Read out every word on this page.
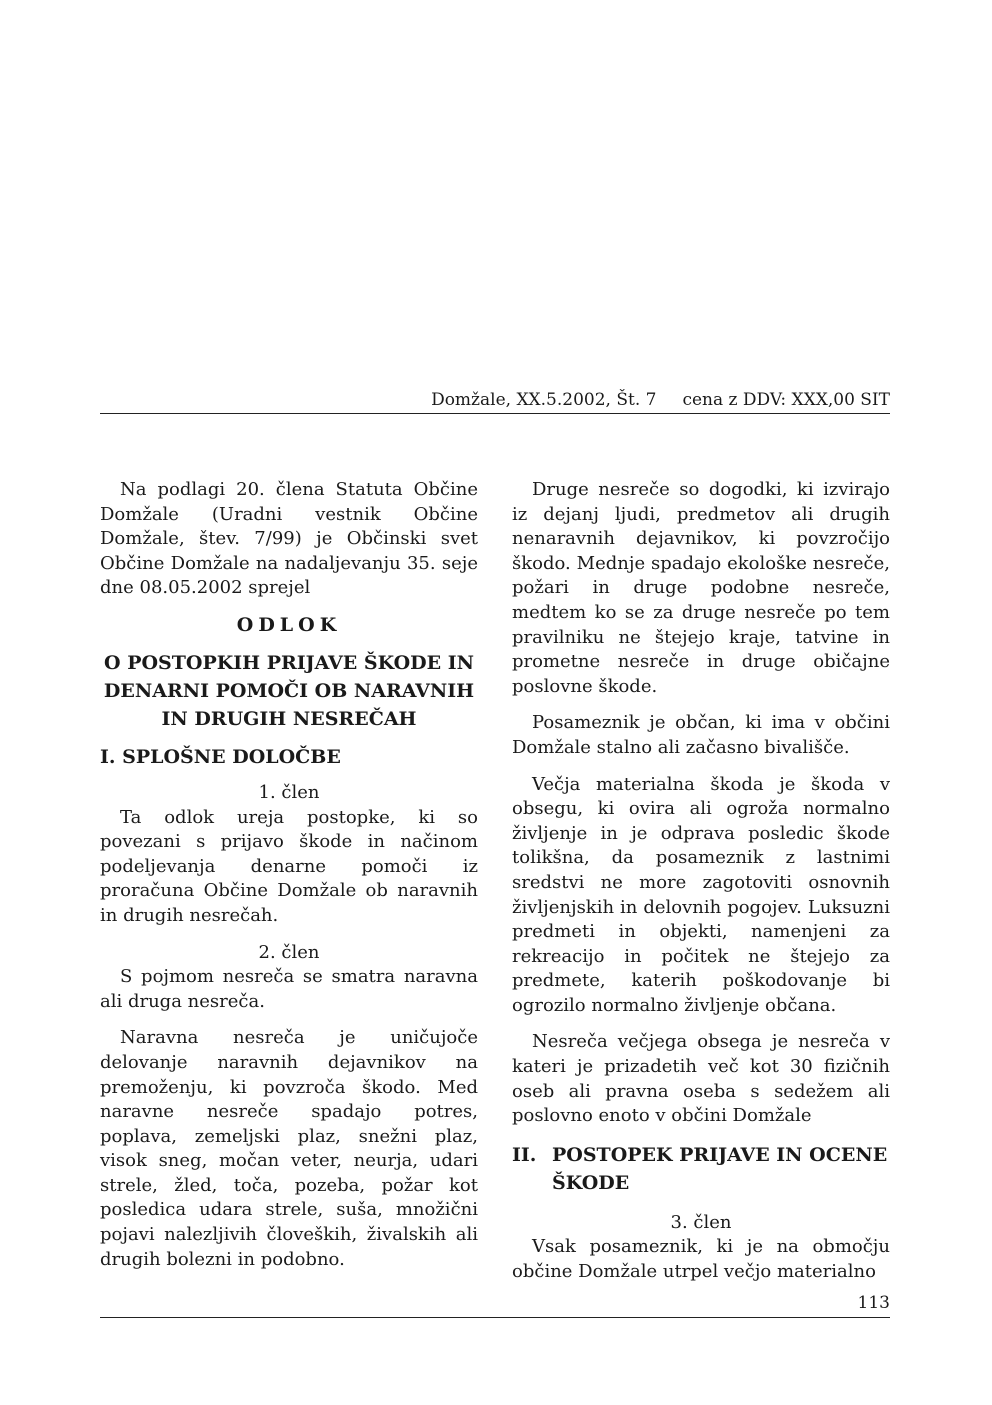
Domžale, XX.5.2002, Št. 7 cena z DDV: XXX,00 SIT

Na podlagi 20. člena Statuta Občine Domžale (Uradni vestnik Občine Domžale, štev. 7/99) je Občinski svet Občine Domžale na nadaljevanju 35. seje dne 08.05.2002 sprejel

ODLOK
O POSTOPKIH PRIJAVE ŠKODE IN DENARNI POMOČI OB NARAVNIH IN DRUGIH NESREČAH
I. SPLOŠNE DOLOČBE
1. člen

Ta odlok ureja postopke, ki so povezani s prijavo škode in načinom podeljevanja denarne pomoči iz proračuna Občine Domžale ob naravnih in drugih nesrečah.

2. člen

S pojmom nesreča se smatra naravna ali druga nesreča.

Naravna nesreča je uničujoče delovanje naravnih dejavnikov na premoženju, ki povzroča škodo. Med naravne nesreče spadajo potres, poplava, zemeljski plaz, snežni plaz, visok sneg, močan veter, neurja, udari strele, žled, toča, pozeba, požar kot posledica udara strele, suša, množični pojavi nalezljivih človeških, živalskih ali drugih bolezni in podobno.

Druge nesreče so dogodki, ki izvirajo iz dejanj ljudi, predmetov ali drugih nenaravnih dejavnikov, ki povzročijo škodo. Mednje spadajo ekološke nesreče, požari in druge podobne nesreče, medtem ko se za druge nesreče po tem pravilniku ne štejejo kraje, tatvine in prometne nesreče in druge običajne poslovne škode.

Posameznik je občan, ki ima v občini Domžale stalno ali začasno bivališče.

Večja materialna škoda je škoda v obsegu, ki ovira ali ogroža normalno življenje in je odprava posledic škode tolikšna, da posameznik z lastnimi sredstvi ne more zagotoviti osnovnih življenjskih in delovnih pogojev. Luksuzni predmeti in objekti, namenjeni za rekreacijo in počitek ne štejejo za predmete, katerih poškodovanje bi ogrozilo normalno življenje občana.

Nesreča večjega obsega je nesreča v kateri je prizadetih več kot 30 fizičnih oseb ali pravna oseba s sedežem ali poslovno enoto v občini Domžale

II. POSTOPEK PRIJAVE IN OCENE ŠKODE
3. člen

Vsak posameznik, ki je na območju občine Domžale utrpel večjo materialno

113
